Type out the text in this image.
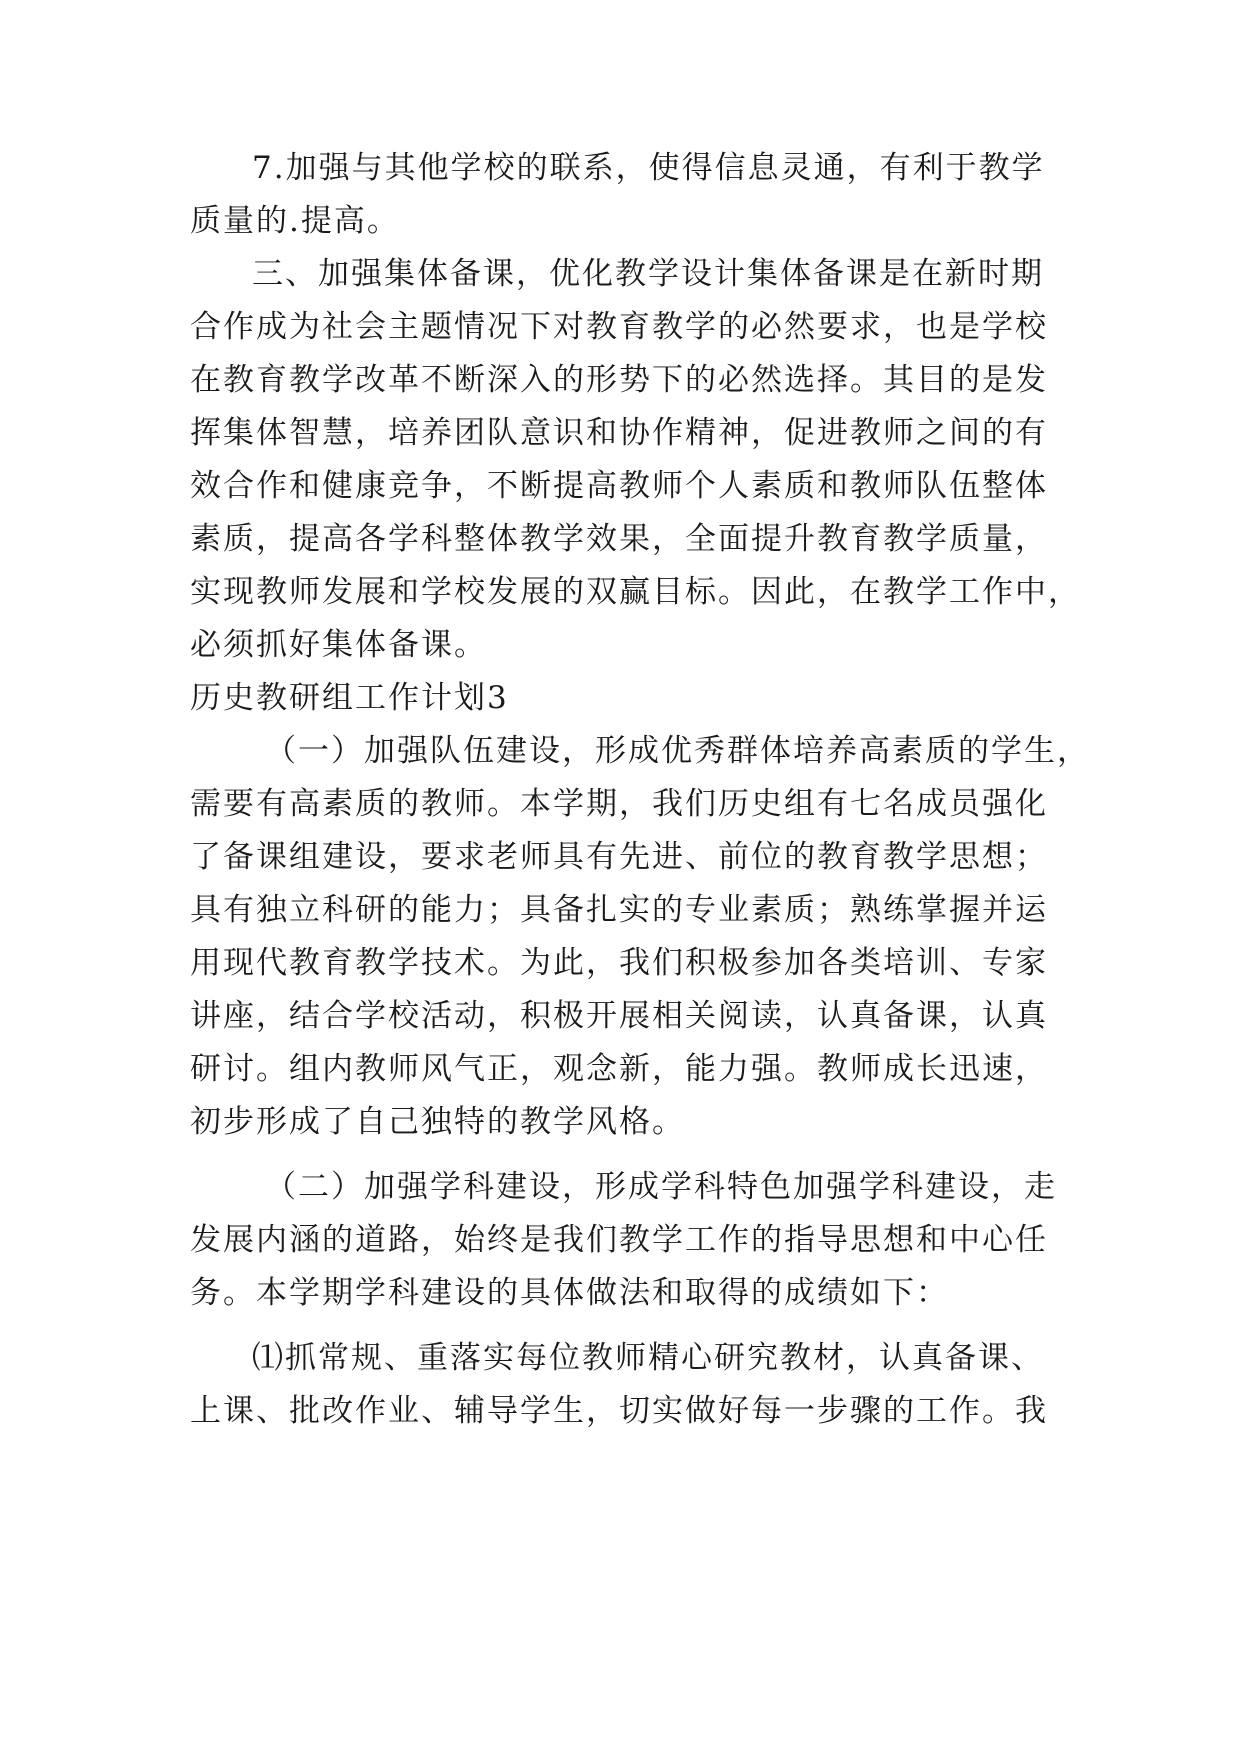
7.加强与其他学校的联系，使得信息灵通，有利于教学
质量的.提高。
三、加强集体备课，优化教学设计集体备课是在新时期
合作成为社会主题情况下对教育教学的必然要求，也是学校
在教育教学改革不断深入的形势下的必然选择。其目的是发
挥集体智慧，培养团队意识和协作精神，促进教师之间的有
效合作和健康竞争，不断提高教师个人素质和教师队伍整体
素质，提高各学科整体教学效果，全面提升教育教学质量，
实现教师发展和学校发展的双赢目标。因此，在教学工作中，
必须抓好集体备课。
历史教研组工作计划3
（一）加强队伍建设，形成优秀群体培养高素质的学生，
需要有高素质的教师。本学期，我们历史组有七名成员强化
了备课组建设，要求老师具有先进、前位的教育教学思想；
具有独立科研的能力；具备扎实的专业素质；熟练掌握并运
用现代教育教学技术。为此，我们积极参加各类培训、专家
讲座，结合学校活动，积极开展相关阅读，认真备课，认真
研讨。组内教师风气正，观念新，能力强。教师成长迅速，
初步形成了自己独特的教学风格。
（二）加强学科建设，形成学科特色加强学科建设，走
发展内涵的道路，始终是我们教学工作的指导思想和中心任
务。本学期学科建设的具体做法和取得的成绩如下：
⑴抓常规、重落实每位教师精心研究教材，认真备课、
上课、批改作业、辅导学生，切实做好每一步骤的工作。我
